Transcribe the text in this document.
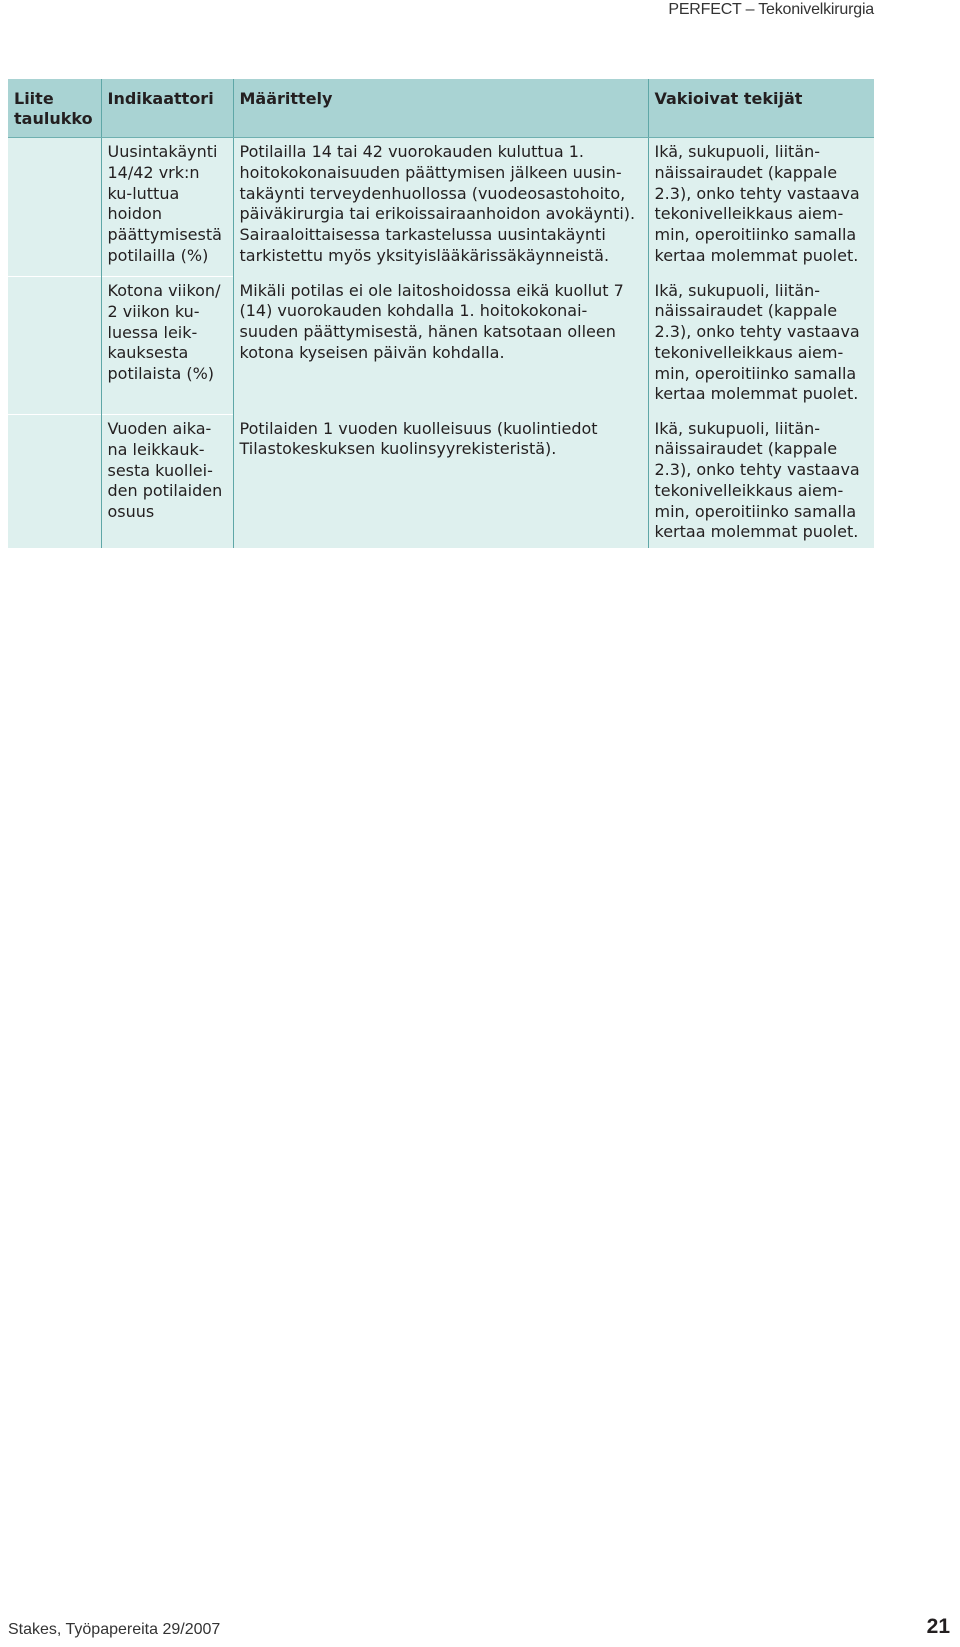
PERFECT – Tekonivelkirurgia
Liite taulukko	Indikaattori	Määrittely	Vakioivat tekijät
	Uusintakäynti 14/42 vrk:n ku-luttua hoidon päättymisestä potilailla (%)	Potilailla 14 tai 42 vuorokauden kuluttua 1. hoitokokonaisuuden päättymisen jälkeen uusin-takäynti terveydenhuollossa (vuodeosastohoito, päiväkirurgia tai erikoissairaanhoidon avokäynti). Sairaaloittaisessa tarkastelussa uusintakäynti tarkistettu myös yksityislääkärissäkäynneistä.	Ikä, sukupuoli, liitän-näissairaudet (kappale 2.3), onko tehty vastaava tekonivelleikkaus aiem-min, operoitiinko samalla kertaa molemmat puolet.
	Kotona viikon/ 2 viikon ku-luessa leik-kauksesta potilaista (%)	Mikäli potilas ei ole laitoshoidossa eikä kuollut 7 (14) vuorokauden kohdalla 1. hoitokokonai-suuden päättymisestä, hänen katsotaan olleen kotona kyseisen päivän kohdalla.	Ikä, sukupuoli, liitän-näissairaudet (kappale 2.3), onko tehty vastaava tekonivelleikkaus aiem-min, operoitiinko samalla kertaa molemmat puolet.
	Vuoden aika-na leikkauk-sesta kuollei-den potilaiden osuus	Potilaiden 1 vuoden kuolleisuus (kuolintiedot Tilastokeskuksen kuolinsyyrekisteristä).	Ikä, sukupuoli, liitän-näissairaudet (kappale 2.3), onko tehty vastaava tekonivelleikkaus aiem-min, operoitiinko samalla kertaa molemmat puolet.
Stakes, Työpapereita 29/2007	21
